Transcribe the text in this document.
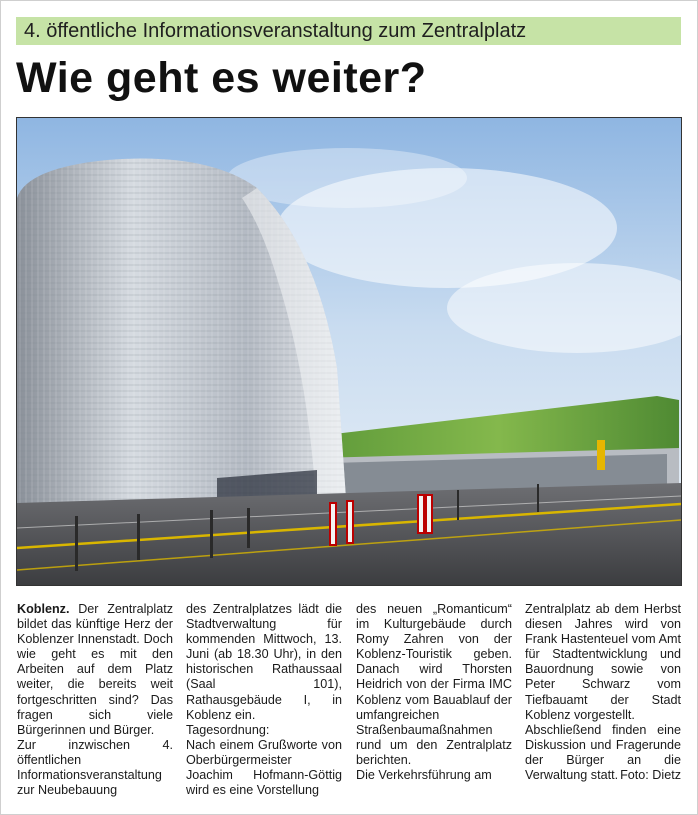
4. öffentliche Informationsveranstaltung zum Zentralplatz
Wie geht es weiter?

Koblenz. Der Zentralplatz bildet das künftige Herz der Koblenzer Innenstadt. Doch wie geht es mit den Arbeiten auf dem Platz weiter, die bereits weit fortgeschritten sind? Das fragen sich viele Bürgerinnen und Bürger.

Zur inzwischen 4. öffentlichen Informationsveranstaltung zur Neubebauung

des Zentralplatzes lädt die Stadtverwaltung für kommenden Mittwoch, 13. Juni (ab 18.30 Uhr), in den historischen Rathaussaal (Saal 101), Rathausgebäude I, in Koblenz ein.

Tagesordnung:

Nach einem Grußworte von Oberbürgermeister Joachim Hofmann-Göttig wird es eine Vorstellung

des neuen „Romanticum“ im Kulturgebäude durch Romy Zahren von der Koblenz-Touristik geben. Danach wird Thorsten Heidrich von der Firma IMC Koblenz vom Bauablauf der umfangreichen Straßenbaumaßnahmen rund um den Zentralplatz berichten.

Die Verkehrsführung am

Zentralplatz ab dem Herbst diesen Jahres wird von Frank Hastenteuel vom Amt für Stadtentwicklung und Bauordnung sowie von Peter Schwarz vom Tiefbauamt der Stadt Koblenz vorgestellt.

Abschließend finden eine Diskussion und Fragerunde der Bürger an die Verwaltung statt. Foto: Dietz
